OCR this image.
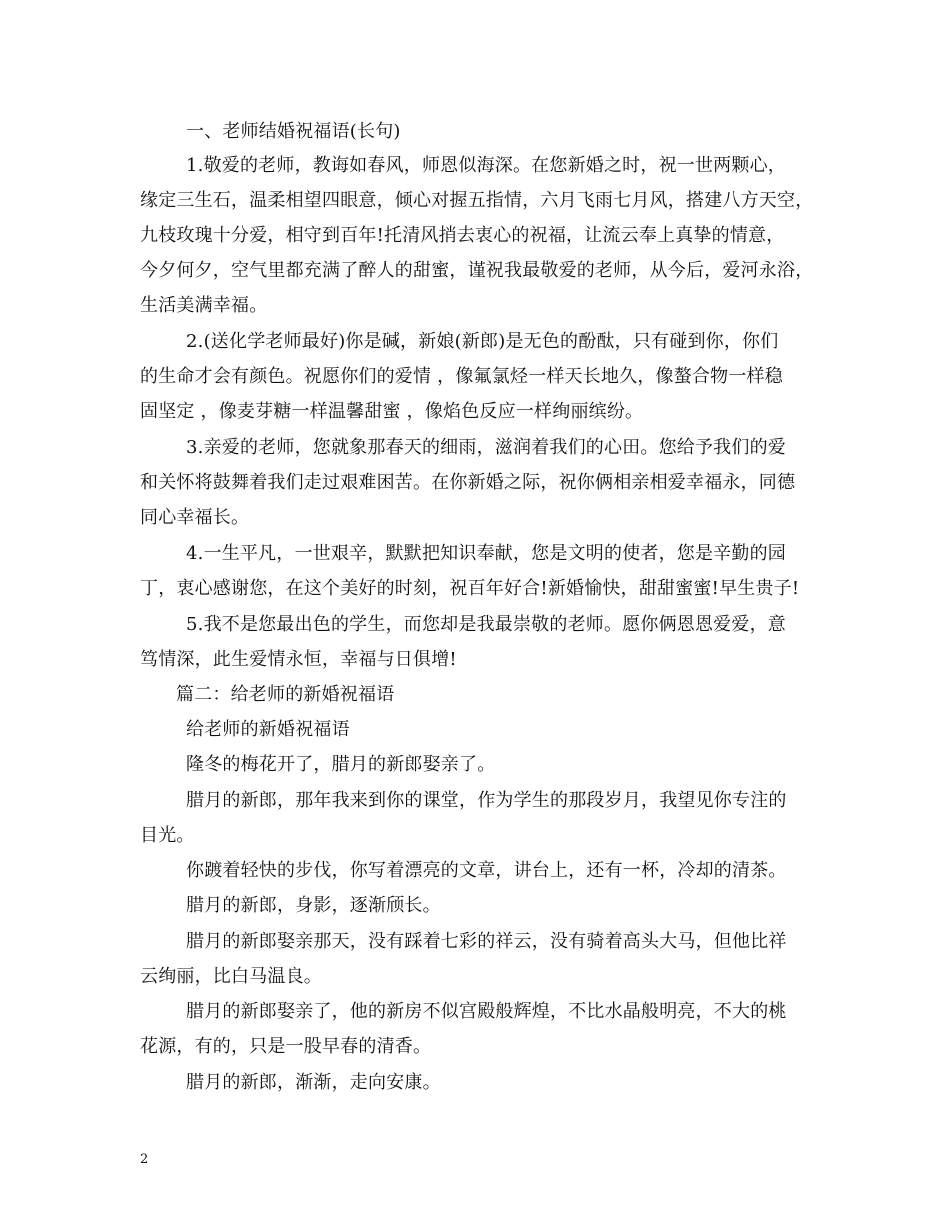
一、老师结婚祝福语(长句)
1.敬爱的老师，教诲如春风，师恩似海深。在您新婚之时，祝一世两颗心，
缘定三生石，温柔相望四眼意，倾心对握五指情，六月飞雨七月风，搭建八方天空，
九枝玫瑰十分爱，相守到百年!托清风捎去衷心的祝福，让流云奉上真挚的情意，
今夕何夕，空气里都充满了醉人的甜蜜，谨祝我最敬爱的老师，从今后，爱河永浴，
生活美满幸福。
2.(送化学老师最好)你是碱，新娘(新郎)是无色的酚酞，只有碰到你，你们
的生命才会有颜色。祝愿你们的爱情 ，像氟氯烃一样天长地久，像螯合物一样稳
固坚定 ，像麦芽糖一样温馨甜蜜 ，像焰色反应一样绚丽缤纷。
3.亲爱的老师，您就象那春天的细雨，滋润着我们的心田。您给予我们的爱
和关怀将鼓舞着我们走过艰难困苦。在你新婚之际，祝你俩相亲相爱幸福永，同德
同心幸福长。
4.一生平凡，一世艰辛，默默把知识奉献，您是文明的使者，您是辛勤的园
丁，衷心感谢您，在这个美好的时刻，祝百年好合!新婚愉快，甜甜蜜蜜!早生贵子!
5.我不是您最出色的学生，而您却是我最崇敬的老师。愿你俩恩恩爱爱，意
笃情深，此生爱情永恒，幸福与日俱增!
篇二：给老师的新婚祝福语
给老师的新婚祝福语
隆冬的梅花开了，腊月的新郎娶亲了。
腊月的新郎，那年我来到你的课堂，作为学生的那段岁月，我望见你专注的
目光。
你踱着轻快的步伐，你写着漂亮的文章，讲台上，还有一杯，冷却的清茶。
腊月的新郎，身影，逐渐颀长。
腊月的新郎娶亲那天，没有踩着七彩的祥云，没有骑着高头大马，但他比祥
云绚丽，比白马温良。
腊月的新郎娶亲了，他的新房不似宫殿般辉煌，不比水晶般明亮，不大的桃
花源，有的，只是一股早春的清香。
腊月的新郎，渐渐，走向安康。
2
